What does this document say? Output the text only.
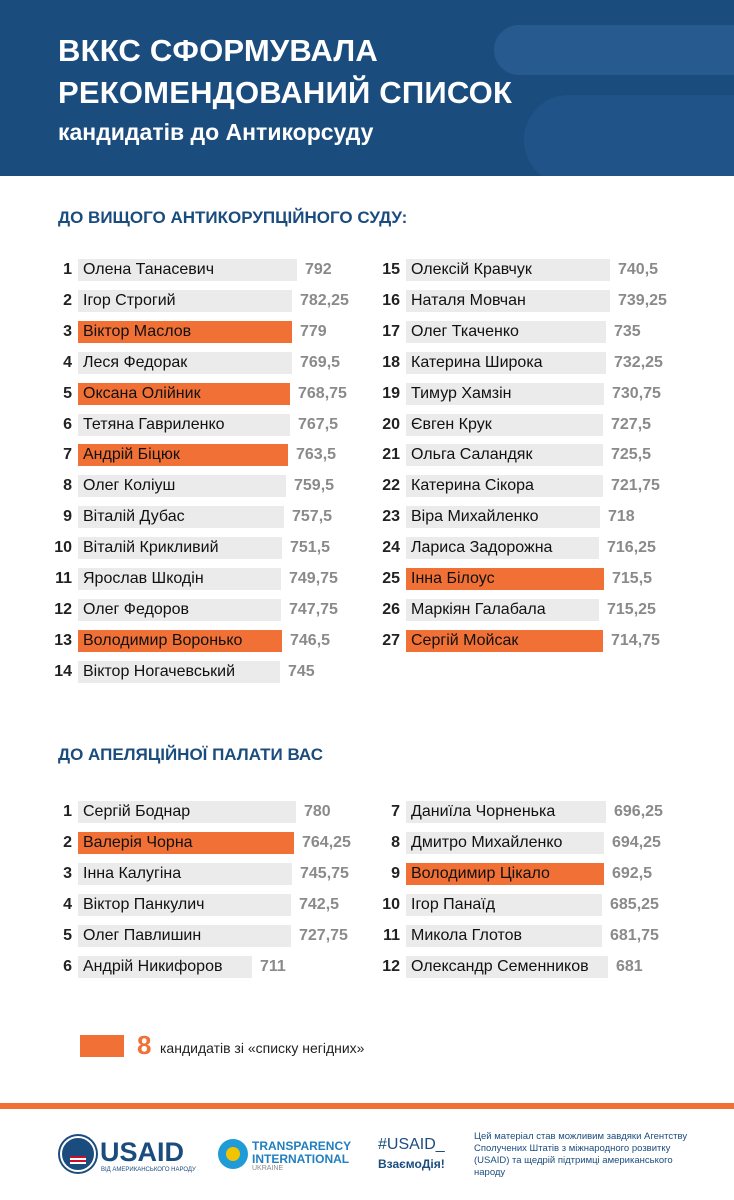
ВККС СФОРМУВАЛА
РЕКОМЕНДОВАНИЙ СПИСОК
кандидатів до Антикорсуду
ДО ВИЩОГО АНТИКОРУПЦІЙНОГО СУДУ:
1 Олена Танасевич	792
2 Ігор Строгий	782,25
3 Віктор Маслов	779
4 Леся Федорак	769,5
5 Оксана Олійник	768,75
6 Тетяна Гавриленко	767,5
7 Андрій Біцюк	763,5
8 Олег Коліуш	759,5
9 Віталій Дубас	757,5
10 Віталій Крикливий	751,5
11 Ярослав Шкодін	749,75
12 Олег Федоров	747,75
13 Володимир Воронько	746,5
14 Віктор Ногачевський	745
15 Олексій Кравчук	740,5
16 Наталя Мовчан	739,25
17 Олег Ткаченко	735
18 Катерина Широка	732,25
19 Тимур Хамзін	730,75
20 Євген Крук	727,5
21 Ольга Саландяк	725,5
22 Катерина Сікора	721,75
23 Віра Михайленко	718
24 Лариса Задорожна	716,25
25 Інна Білоус	715,5
26 Маркіян Галабала	715,25
27 Сергій Мойсак	714,75
ДО АПЕЛЯЦІЙНОЇ ПАЛАТИ ВАС
1 Сергій Боднар	780
2 Валерія Чорна	764,25
3 Інна Калугіна	745,75
4 Віктор Панкулич	742,5
5 Олег Павлишин	727,75
6 Андрій Никифоров	711
7 Даниїла Чорненька	696,25
8 Дмитро Михайленко	694,25
9 Володимир Цікало	692,5
10 Ігор Панаїд	685,25
11 Микола Глотов	681,75
12 Олександр Семенников	681
8 кандидатів зі «списку негідних»
USAID
ВІД АМЕРИКАНСЬКОГО НАРОДУ
TRANSPARENCY
INTERNATIONAL
UKRAINE
#USAID_
ВзаємоДія!
Цей матеріал став можливим завдяки Агентству Сполучених Штатів з міжнародного розвитку (USAID) та щедрій підтримці американського народу
